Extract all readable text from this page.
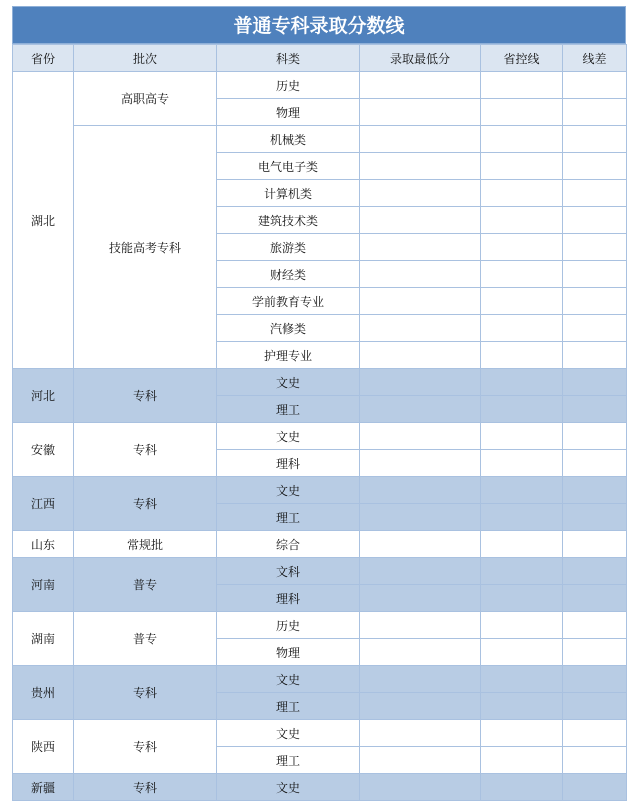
普通专科录取分数线
省份	批次	科类	录取最低分	省控线	线差
湖北	高职高专	历史			
		物理			
	技能高考专科	机械类			
		电气电子类			
		计算机类			
		建筑技术类			
		旅游类			
		财经类			
		学前教育专业			
		汽修类			
		护理专业			
河北	专科	文史			
		理工			
安徽	专科	文史			
		理科			
江西	专科	文史			
		理工			
山东	常规批	综合			
河南	普专	文科			
		理科			
湖南	普专	历史			
		物理			
贵州	专科	文史			
		理工			
陕西	专科	文史			
		理工			
新疆	专科	文史			
